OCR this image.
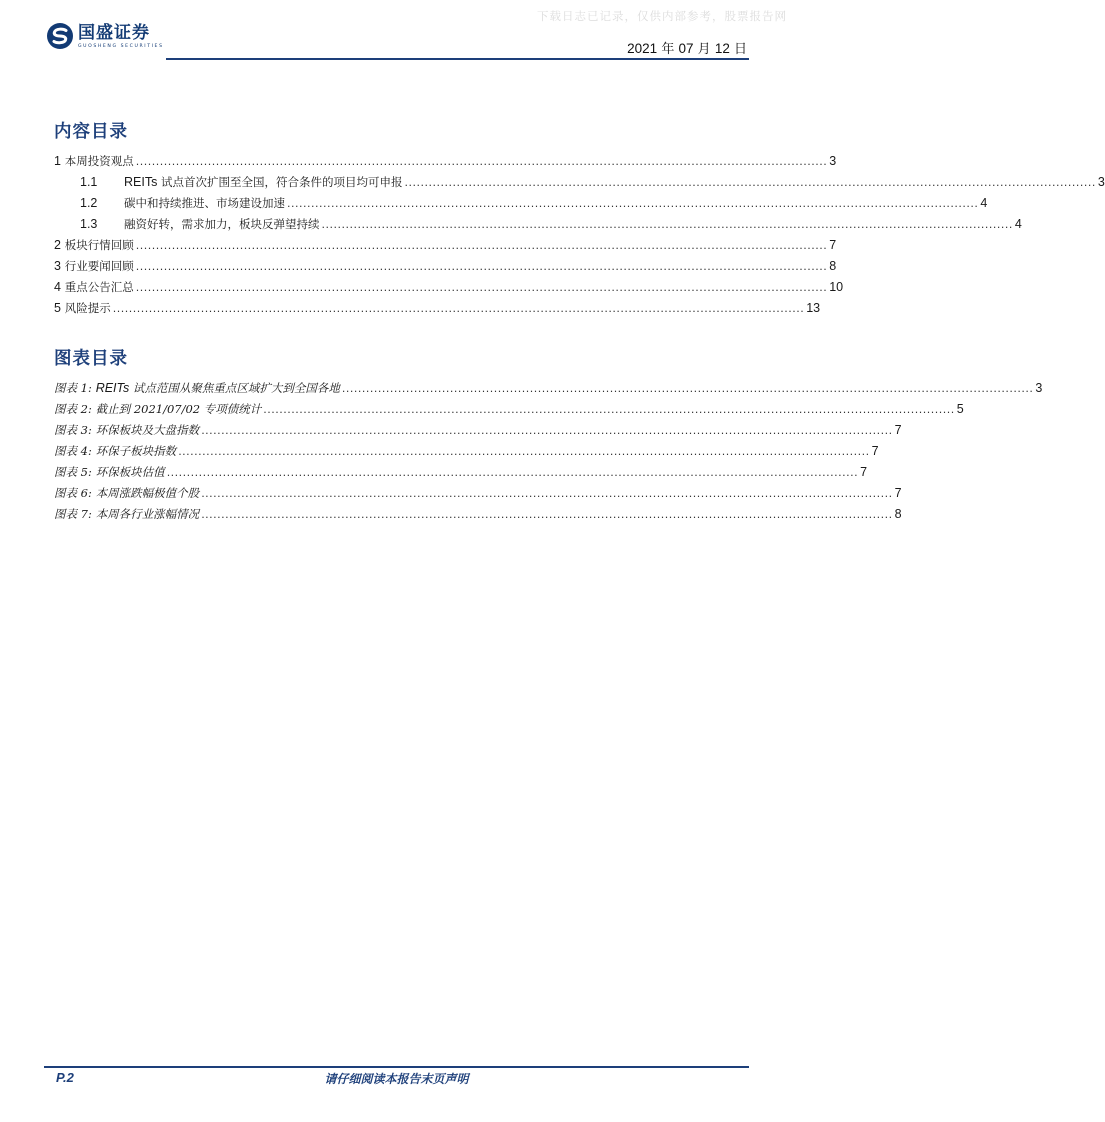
下载日志已记录，仅供内部参考，股票报告网
国盛证券
GUOSHENG SECURITIES	2021 年 07 月 12 日
内容目录
1 本周投资观点 ............................................................................................................................................................................. 3
1.1 REITs 试点首次扩围至全国，符合条件的项目均可申报 ............................................................................................................................................................................. 3
1.2 碳中和持续推进、市场建设加速 ............................................................................................................................................................................. 4
1.3 融资好转，需求加力，板块反弹望持续 ............................................................................................................................................................................. 4
2 板块行情回顾 ............................................................................................................................................................................. 7
3 行业要闻回顾 ............................................................................................................................................................................. 8
4 重点公告汇总 ............................................................................................................................................................................. 10
5 风险提示 ............................................................................................................................................................................. 13
图表目录
图表 1: REITs 试点范围从聚焦重点区域扩大到全国各地 ............................................................................................................................................................................. 3
图表 2: 截止到 2021/07/02 专项债统计 ............................................................................................................................................................................. 5
图表 3: 环保板块及大盘指数 ............................................................................................................................................................................. 7
图表 4: 环保子板块指数 ............................................................................................................................................................................. 7
图表 5: 环保板块估值 ............................................................................................................................................................................. 7
图表 6: 本周涨跌幅极值个股 ............................................................................................................................................................................. 7
图表 7: 本周各行业涨幅情况 ............................................................................................................................................................................. 8
P.2	请仔细阅读本报告末页声明
